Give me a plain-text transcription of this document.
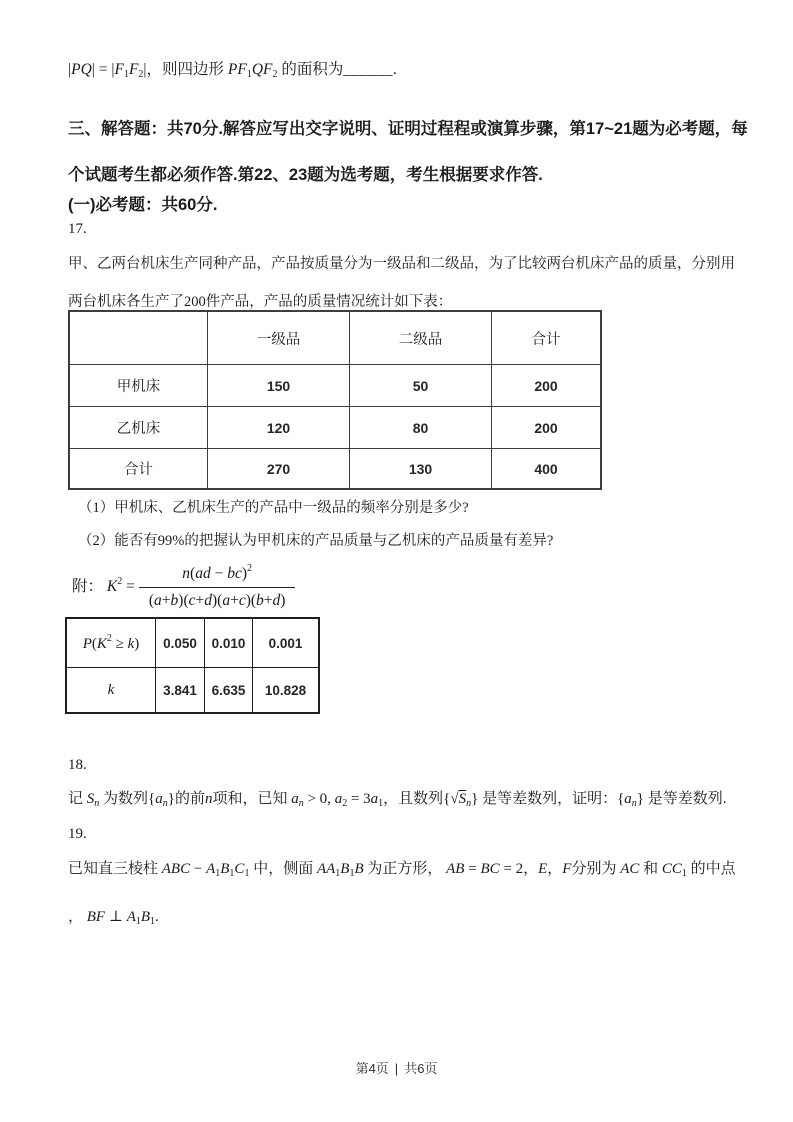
|PQ| = |F1F2|，则四边形 PF1QF2 的面积为______.
三、解答题：共70分.解答应写出交字说明、证明过程程或演算步骤，第17~21题为必考题，每
个试题考生都必须作答.第22、23题为选考题，考生根据要求作答.
(一)必考题：共60分.
17.
甲、乙两台机床生产同种产品，产品按质量分为一级品和二级品，为了比较两台机床产品的质量，分别用
两台机床各生产了200件产品，产品的质量情况统计如下表：
	一级品	二级品	合计
甲机床	150	50	200
乙机床	120	80	200
合计	270	130	400
（1）甲机床、乙机床生产的产品中一级品的频率分别是多少?
（2）能否有99%的把握认为甲机床的产品质量与乙机床的产品质量有差异?
附： $K^2 = \frac{n(ad - bc)^2}{(a+b)(c+d)(a+c)(b+d)}$
$P(K^2 \ge k)$	0.050	0.010	0.001
k	3.841	6.635	10.828
18.
记 $S_n$ 为数列$\{a_n\}$的前n项和，已知 $a_n > 0$, $a_2 = 3a_1$，且数列$\{√S_n\}$ 是等差数列，证明：$\{a_n\}$ 是等差数列.
19.
已知直三棱柱 ABC − $A_1B_1C_1$ 中，侧面 $AA_1B_1B$ 为正方形， AB = BC = 2，E，F分别为 AC 和 $CC_1$ 的中点
， BF ⊥ $A_1B_1$.
第4页 | 共6页
